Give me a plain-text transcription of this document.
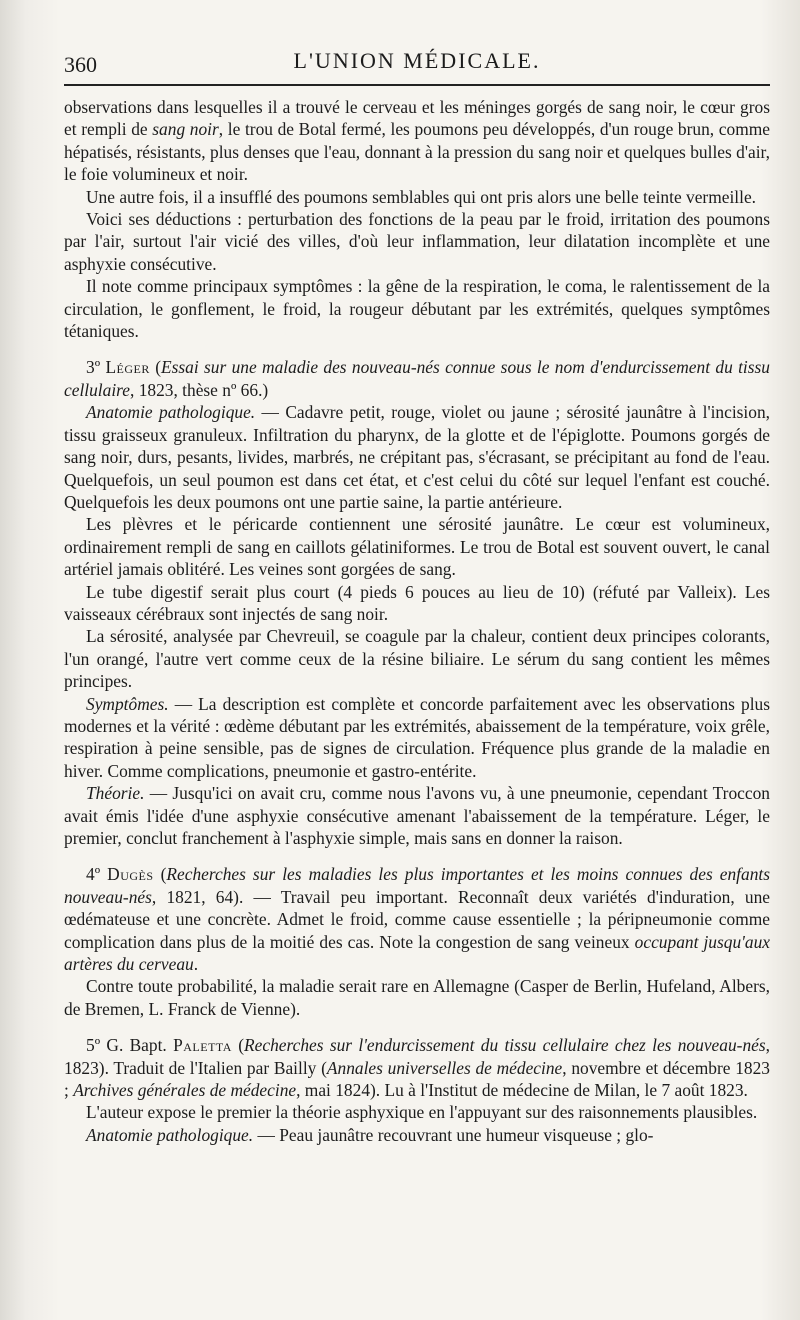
360	L'UNION MÉDICALE.

observations dans lesquelles il a trouvé le cerveau et les méninges gorgés de sang noir, le cœur gros et rempli de sang noir, le trou de Botal fermé, les poumons peu développés, d'un rouge brun, comme hépatisés, résistants, plus denses que l'eau, donnant à la pression du sang noir et quelques bulles d'air, le foie volumineux et noir.

Une autre fois, il a insufflé des poumons semblables qui ont pris alors une belle teinte vermeille.

Voici ses déductions : perturbation des fonctions de la peau par le froid, irritation des poumons par l'air, surtout l'air vicié des villes, d'où leur inflammation, leur dilatation incomplète et une asphyxie consécutive.

Il note comme principaux symptômes : la gêne de la respiration, le coma, le ralentissement de la circulation, le gonflement, le froid, la rougeur débutant par les extrémités, quelques symptômes tétaniques.

3º Léger (Essai sur une maladie des nouveau-nés connue sous le nom d'endurcissement du tissu cellulaire, 1823, thèse nº 66.)

Anatomie pathologique. — Cadavre petit, rouge, violet ou jaune ; sérosité jaunâtre à l'incision, tissu graisseux granuleux. Infiltration du pharynx, de la glotte et de l'épiglotte. Poumons gorgés de sang noir, durs, pesants, livides, marbrés, ne crépitant pas, s'écrasant, se précipitant au fond de l'eau. Quelquefois, un seul poumon est dans cet état, et c'est celui du côté sur lequel l'enfant est couché. Quelquefois les deux poumons ont une partie saine, la partie antérieure.

Les plèvres et le péricarde contiennent une sérosité jaunâtre. Le cœur est volumineux, ordinairement rempli de sang en caillots gélatiniformes. Le trou de Botal est souvent ouvert, le canal artériel jamais oblitéré. Les veines sont gorgées de sang.

Le tube digestif serait plus court (4 pieds 6 pouces au lieu de 10) (réfuté par Valleix). Les vaisseaux cérébraux sont injectés de sang noir.

La sérosité, analysée par Chevreuil, se coagule par la chaleur, contient deux principes colorants, l'un orangé, l'autre vert comme ceux de la résine biliaire. Le sérum du sang contient les mêmes principes.

Symptômes. — La description est complète et concorde parfaitement avec les observations plus modernes et la vérité : œdème débutant par les extrémités, abaissement de la température, voix grêle, respiration à peine sensible, pas de signes de circulation. Fréquence plus grande de la maladie en hiver. Comme complications, pneumonie et gastro-entérite.

Théorie. — Jusqu'ici on avait cru, comme nous l'avons vu, à une pneumonie, cependant Troccon avait émis l'idée d'une asphyxie consécutive amenant l'abaissement de la température. Léger, le premier, conclut franchement à l'asphyxie simple, mais sans en donner la raison.

4º Dugès (Recherches sur les maladies les plus importantes et les moins connues des enfants nouveau-nés, 1821, 64). — Travail peu important. Reconnaît deux variétés d'induration, une œdémateuse et une concrète. Admet le froid, comme cause essentielle ; la péripneumonie comme complication dans plus de la moitié des cas. Note la congestion de sang veineux occupant jusqu'aux artères du cerveau.

Contre toute probabilité, la maladie serait rare en Allemagne (Casper de Berlin, Hufeland, Albers, de Bremen, L. Franck de Vienne).

5º G. Bapt. Paletta (Recherches sur l'endurcissement du tissu cellulaire chez les nouveau-nés, 1823). Traduit de l'Italien par Bailly (Annales universelles de médecine, novembre et décembre 1823 ; Archives générales de médecine, mai 1824). Lu à l'Institut de médecine de Milan, le 7 août 1823.

L'auteur expose le premier la théorie asphyxique en l'appuyant sur des raisonnements plausibles.

Anatomie pathologique. — Peau jaunâtre recouvrant une humeur visqueuse ; glo-
